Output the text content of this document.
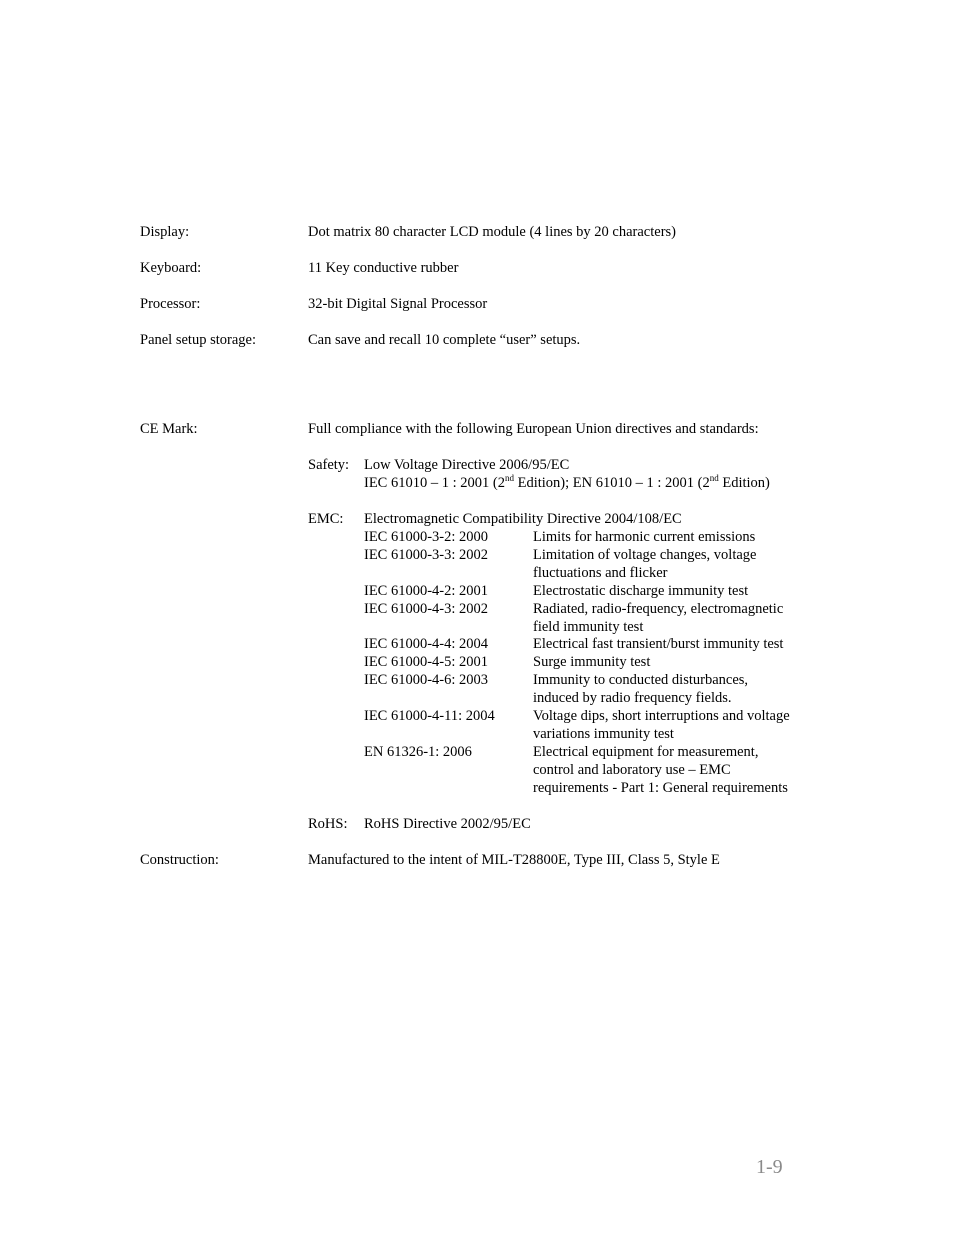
Display:	Dot matrix 80 character LCD module (4 lines by 20 characters)
Keyboard:	11 Key conductive rubber
Processor:	32-bit Digital Signal Processor
Panel setup storage:	Can save and recall 10 complete “user” setups.
CE Mark:	Full compliance with the following European Union directives and standards:
Safety: Low Voltage Directive 2006/95/EC
IEC 61010 – 1 : 2001 (2nd Edition); EN 61010 – 1 : 2001 (2nd Edition)
EMC: Electromagnetic Compatibility Directive 2004/108/EC
IEC 61000-3-2: 2000	Limits for harmonic current emissions
IEC 61000-3-3: 2002	Limitation of voltage changes, voltage
fluctuations and flicker
IEC 61000-4-2: 2001	Electrostatic discharge immunity test
IEC 61000-4-3: 2002	Radiated, radio-frequency, electromagnetic
field immunity test
IEC 61000-4-4: 2004	Electrical fast transient/burst immunity test
IEC 61000-4-5: 2001	Surge immunity test
IEC 61000-4-6: 2003	Immunity to conducted disturbances,
induced by radio frequency fields.
IEC 61000-4-11: 2004	Voltage dips, short interruptions and voltage
variations immunity test
EN 61326-1: 2006	Electrical equipment for measurement,
control and laboratory use – EMC
requirements - Part 1: General requirements
RoHS: RoHS Directive 2002/95/EC
Construction:	Manufactured to the intent of MIL-T28800E, Type III, Class 5, Style E
1-9
